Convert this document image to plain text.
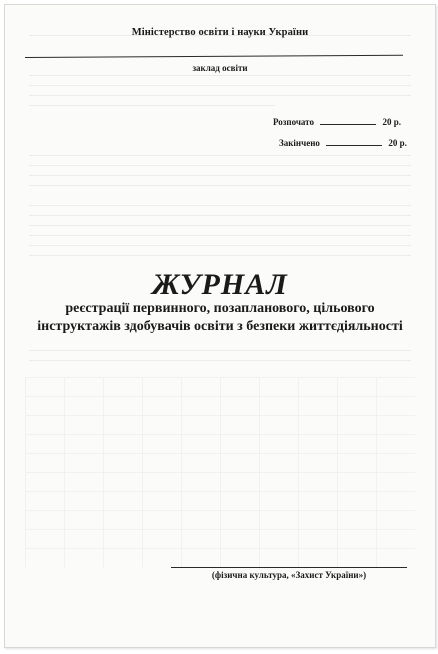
Міністерство освіти і науки України
заклад освіти
Розпочато	20 р.
Закінчено	20 р.
ЖУРНАЛ
реєстрації первинного, позапланового, цільового
інструктажів здобувачів освіти з безпеки життєдіяльності
(фізична культура, «Захист України»)
